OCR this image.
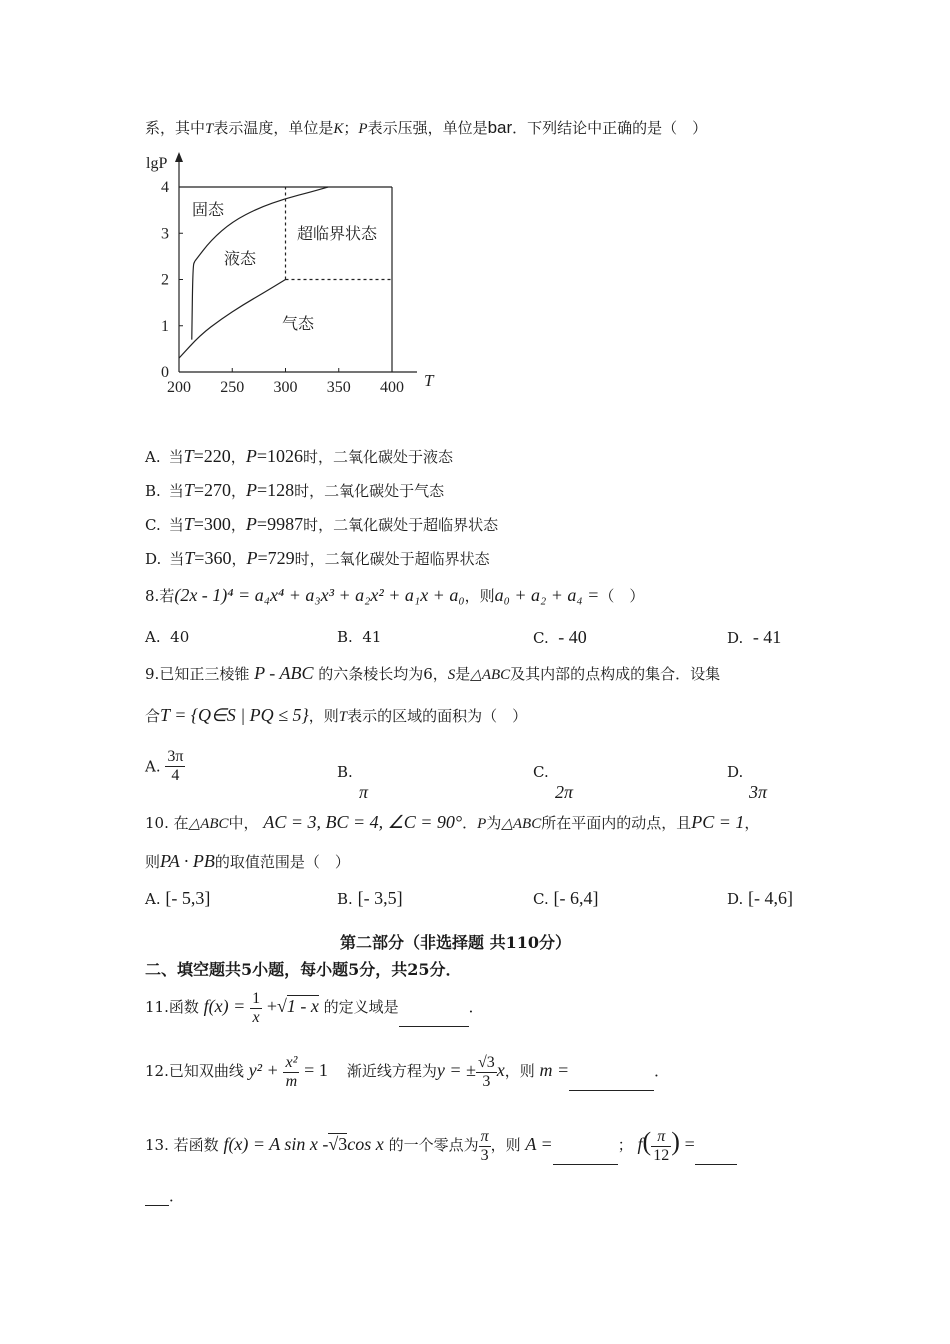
系，其中T表示温度，单位是K；P表示压强，单位是bar．下列结论中正确的是（　）
200 250 300 350 400
0
1
2
3
4
lgP
T
固态
液态
超临界状态
气态
A. 当T=220，P=1026时，二氧化碳处于液态
B. 当T=270，P=128时，二氧化碳处于气态
C. 当T=300，P=9987时，二氧化碳处于超临界状态
D. 当T=360，P=729时，二氧化碳处于超临界状态
8.若(2x - 1)⁴ = a₄x⁴ + a₃x³ + a₂x² + a₁x + a₀，则a₀ + a₂ + a₄ =（　）
A. 40	B. 41	C. - 40	D. - 41
9.已知正三棱锥 P - ABC 的六条棱长均为6，S是△ABC及其内部的点构成的集合．设集
合T = {Q∈S | PQ ≤ 5}，则T表示的区域的面积为（　）
A. $\frac{3\pi}{4}$	B.
π
C.
2π
D.
3π
10. 在△ABC中， AC = 3, BC = 4, ∠C = 90°．P为△ABC所在平面内的动点，且PC = 1，
则PA · PB的取值范围是（　）
A. [- 5,3]	B. [- 3,5]	C. [- 6,4]	D. [- 4,6]
第二部分（非选择题 共110分）
二、填空题共5小题，每小题5分，共25分．
11.函数 $f(x) = \frac{1}{x} +√1 - x$ 的定义域是	．
12.已知双曲线 $y^2 + \frac{\text{x²}}{m} = 1$ 渐近线方程为y = ± $\frac{√3}{3}$ x，则 m =	．
13. 若函数 f(x) = A sin x -√3cos x 的一个零点为 $\frac{\pi}{3}$ ，则 A =	； $f( \frac{\pi}{12}$ ) =
．
